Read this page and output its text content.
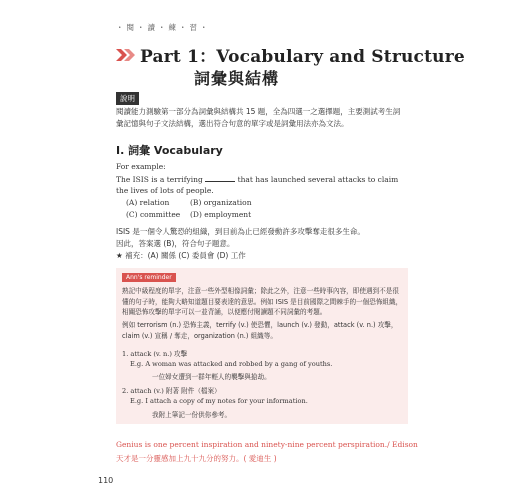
・閱・讀・練・習・
Part 1：Vocabulary and Structure
詞彙與結構
說明
閱讀能力測驗第一部分為詞彙與結構共 15 題，全為四選一之選擇題，主要測試考生詞彙記憶與句子文法結構，選出符合句意的單字或是詞彙用法亦為文法。
I. 詞彙 Vocabulary
For example:
The ISIS is a terrifying	that has launched several attacks to claim the lives of lots of people.
(A) relation	(B) organization
(C) committee (D) employment
ISIS 是一個令人驚恐的組織，到目前為止已經發動許多攻擊奪走很多生命。
因此，答案選 (B)，符合句子題意。
★ 補充：(A) 關係 (C) 委員會 (D) 工作
Ann's reminder
熟記中級程度的單字，注意一些外型相像詞彙；除此之外，注意一些時事內容，即使遇到不是很懂的句子時，能夠大略知道題目要表達的意思。例如 ISIS 是目前國際之間棘手的一個恐怖組織，相關恐怖攻擊的單字可以一並背誦，以便應付閱讀題不同詞彙的考題。
例如 terrorism (n.) 恐怖主義，terrify (v.) 使恐懼，launch (v.) 發動，attack (v. n.) 攻擊，claim (v.) 宣稱 / 奪走，organization (n.) 組織等。
1. attack (v. n.) 攻擊
E.g. A woman was attacked and robbed by a gang of youths.
一位婦女遭到一群年輕人的襲擊與搶劫。
2. attach (v.) 附著 附件（檔案）
E.g. I attach a copy of my notes for your information.
我附上筆記一份供你參考。
Genius is one percent inspiration and ninety-nine percent perspiration./ Edison
天才是一分靈感加上九十九分的努力。( 愛迪生 )
110
